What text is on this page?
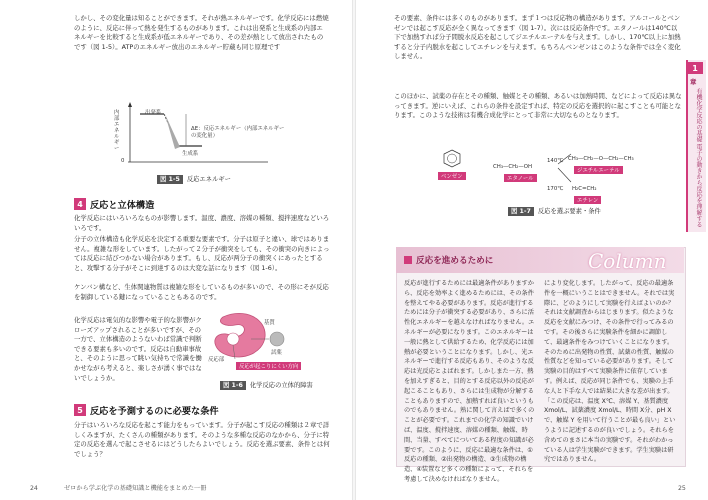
しかし、その変化量は知ることができます。それが熱エネルギーです。化学反応には燃焼のように、反応に伴って熱を発生するものがあります。これは出発系と生成系の内部エネルギーを比較すると生成系が低エネルギーであり、その差が熱として放出されたものです（図 1-5）。ATPのエネルギー放出のエネルギー貯蔵も同じ原理です

出発系
生成系
ΔE：反応エネルギー（内部エネルギーの変化量）
内部エネルギー
0
図 1-5 反応エネルギー
4 反応と立体構造

化学反応にはいろいろなものが影響します。温度、濃度、溶媒の種類、撹拌速度などいろいろです。

分子の立体構造も化学反応を決定する重要な要素です。分子は原子と違い、球ではありません。複雑な形をしています。したがって２分子が衝突をしても、その衝突の向きによっては反応に結びつかない場合があります。もし、反応が两分子の衝突くにあったとすると、攻撃する分子がそこに到達するのは大変な話になります（図 1-6）。

ケンバン構など、生体関連物質は複雑な形をしているものが多いので、その形にそが反応を制御している鍵になっていることもあるのです。

化学反応は電気的な影響や電子的な影響がクローズアップされることが多いですが、その一方で、立体構造のようないわば常識で判断できる要素も多いのです。反応は自動車事故と、そのように思って眺い気持ちで常識を働かせながら考えると、楽しさが湧く事ではないでしょうか。

基質
試薬
反応部
反応が起こりにくい方向
図 1-6 化学反応の立体的障害
5 反応を予測するのに必要な条件

分子はいろいろな反応を起こす能力をもっています。分子が起こす反応の種類は２章で詳しくみますが、たくさんの種類があります。そのような多種な反応のなかから、分子に特定の反応を選んで起こさせるにはどうしたらよいでしょう。反応を選ぶ要素、条件とは何でしょう？

24	ゼロから学ぶ化学の基礎知識と機能をまとめた一冊

その要素、条件には多くのものがあります。まず１つは反応物の構造があります。アルコールとベンゼンでは起こす反応が全く異なってきます（図 1-7）。次には反応条件です。エタノールは140℃以下で加熱すれば分子間脱水反応を起こしてジエチルエーテルを与えます。しかし、170℃以上に加熱すると分子内脱水を起こしてエチレンを与えます。もちろんベンゼンはこのような条件では全く変化しません。

このほかに、試薬の存在とその種類、触媒とその種類、あるいは加熱時間、などによって反応は異なってきます。逆にいえば、これらの条件を設定すれば、特定の反応を選択的に起こすことも可能となります。このような技術は有機合成化学にとって非常に大切なものとなります。

ベンゼン
CH₃—CH₂—OH
エタノール
140℃
170℃
CH₃—CH₂—O—CH₂—CH₃
ジエチルエーテル
H₂C=CH₂
エチレン
図 1-7 反応を選ぶ要素・条件
Column
反応を進めるために

反応が進行するためには最適条件がありますから、反応を効率よく進めるためには、その条件を整えてやる必要があります。反応が進行するためには分子が衝突する必要があり、さらに活性化エネルギーを越えなければなりません。エネルギーが必要になります。このエネルギーは一般に熱として供給するため、化学反応には加熱が必要ということになります。しかし、光エネルギーで進行する反応もあり、そのような反応は光反応とよばれます。しかしまた一方、熱を加えすぎると、目的とする反応以外の反応が起こることもあり、さらには生成物が分解することもありますので、加熱すれば良いというものでもありません。熟に関して言えばで多くのことが必要です。これまでの化学の知識でいけば、温度、撹拌速度、溶媒の種類、触媒、時間、当量、すべてについてある程度の知識が必要です。このように、反応に最適な条件は、①反応の種類、②出発物の構造、③生成物の構造、④装置など多くの種類によって、それらを考慮して決めなければなりません。

により変化します。したがって、反応の最適条件を一概にいうことはできません。それでは実際に、どのようにして実験を行えばよいのか？ それは文献調査からはじまります。似たような反応を文献にみつけ、その条件で行ってみるのです。その後さらに実験条件を細かに調節して、最適条件をみつけていくことになります。そのために出発物の性質、試薬の性質、触媒の性質などを知っている必要があります。そして実験の目的はすべて実験条件に依存しています。例えば、反応が同じ条件でも、実験の上手な人と下手な人では結果に大きな差が出ます。「この反応は、温度 X℃、溶媒 Y、基質濃度 Xmol/L、試薬濃度 Xmol/L、時間 X分、pH X で、触媒 Y を用いて行うことが最も良い」というように記述するのが良いでしょう。それらを含めてのまさに本当の実験です。それがわかっている人は学生実験ができます。学生実験は研究ではありません。

1
章
有機化学反応の基礎 電子の動きから反応を理解する
25
